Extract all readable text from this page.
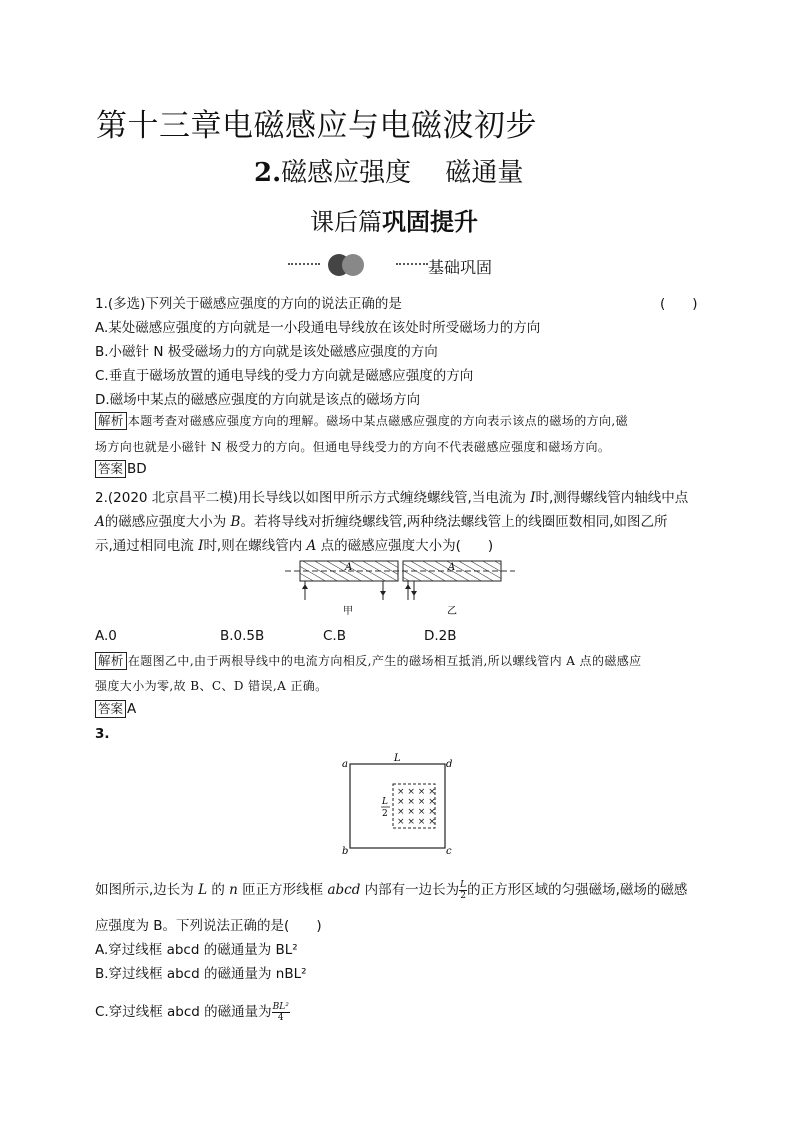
第十三章电磁感应与电磁波初步
2.磁感应强度　 磁通量
课后篇巩固提升
基础巩固
1.(多选)下列关于磁感应强度的方向的说法正确的是	(　　)
A.某处磁感应强度的方向就是一小段通电导线放在该处时所受磁场力的方向
B.小磁针 N 极受磁场力的方向就是该处磁感应强度的方向
C.垂直于磁场放置的通电导线的受力方向就是磁感应强度的方向
D.磁场中某点的磁感应强度的方向就是该点的磁场方向
解析 本题考查对磁感应强度方向的理解。磁场中某点磁感应强度的方向表示该点的磁场的方向,磁
场方向也就是小磁针 N 极受力的方向。但通电导线受力的方向不代表磁感应强度和磁场方向。
答案 BD
2.(2020 北京昌平二模)用长导线以如图甲所示方式缠绕螺线管,当电流为 I时,测得螺线管内轴线中点
A的磁感应强度大小为 B。若将导线对折缠绕螺线管,两种绕法螺线管上的线圈匝数相同,如图乙所
示,通过相同电流 I时,则在螺线管内 A 点的磁感应强度大小为(　　)
A	A
甲	乙
A.0	B.0.5B	C.B	D.2B
解析 在题图乙中,由于两根导线中的电流方向相反,产生的磁场相互抵消,所以螺线管内 A 点的磁感应
强度大小为零,故 B、C、D 错误,A 正确。
答案 A
3.
× × × ×
× × × ×
× × × ×
× × × ×
a
b	c
d
L
L
2
如图所示,边长为 L 的 n 匝正方形线框 abcd 内部有一边长为 $\frac{L}{2}$ 的正方形区域的匀强磁场,磁场的磁感
应强度为 B。下列说法正确的是(　　)
A.穿过线框 abcd 的磁通量为 BL²
B.穿过线框 abcd 的磁通量为 nBL²
C.穿过线框 abcd 的磁通量为 $\frac{\text{BL²}}{4}$
